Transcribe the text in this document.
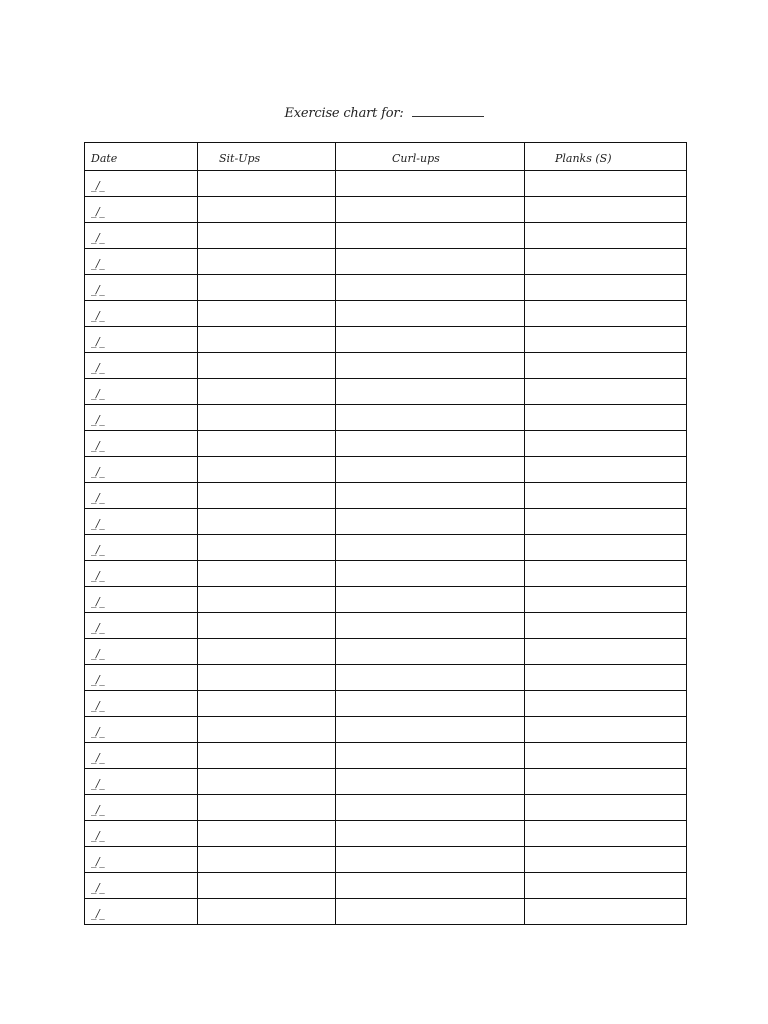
Exercise chart for:
Date	Sit-Ups	Curl-ups	Planks (S)
_/_			
_/_			
_/_			
_/_			
_/_			
_/_			
_/_			
_/_			
_/_			
_/_			
_/_			
_/_			
_/_			
_/_			
_/_			
_/_			
_/_			
_/_			
_/_			
_/_			
_/_			
_/_			
_/_			
_/_			
_/_			
_/_			
_/_			
_/_			
_/_			
